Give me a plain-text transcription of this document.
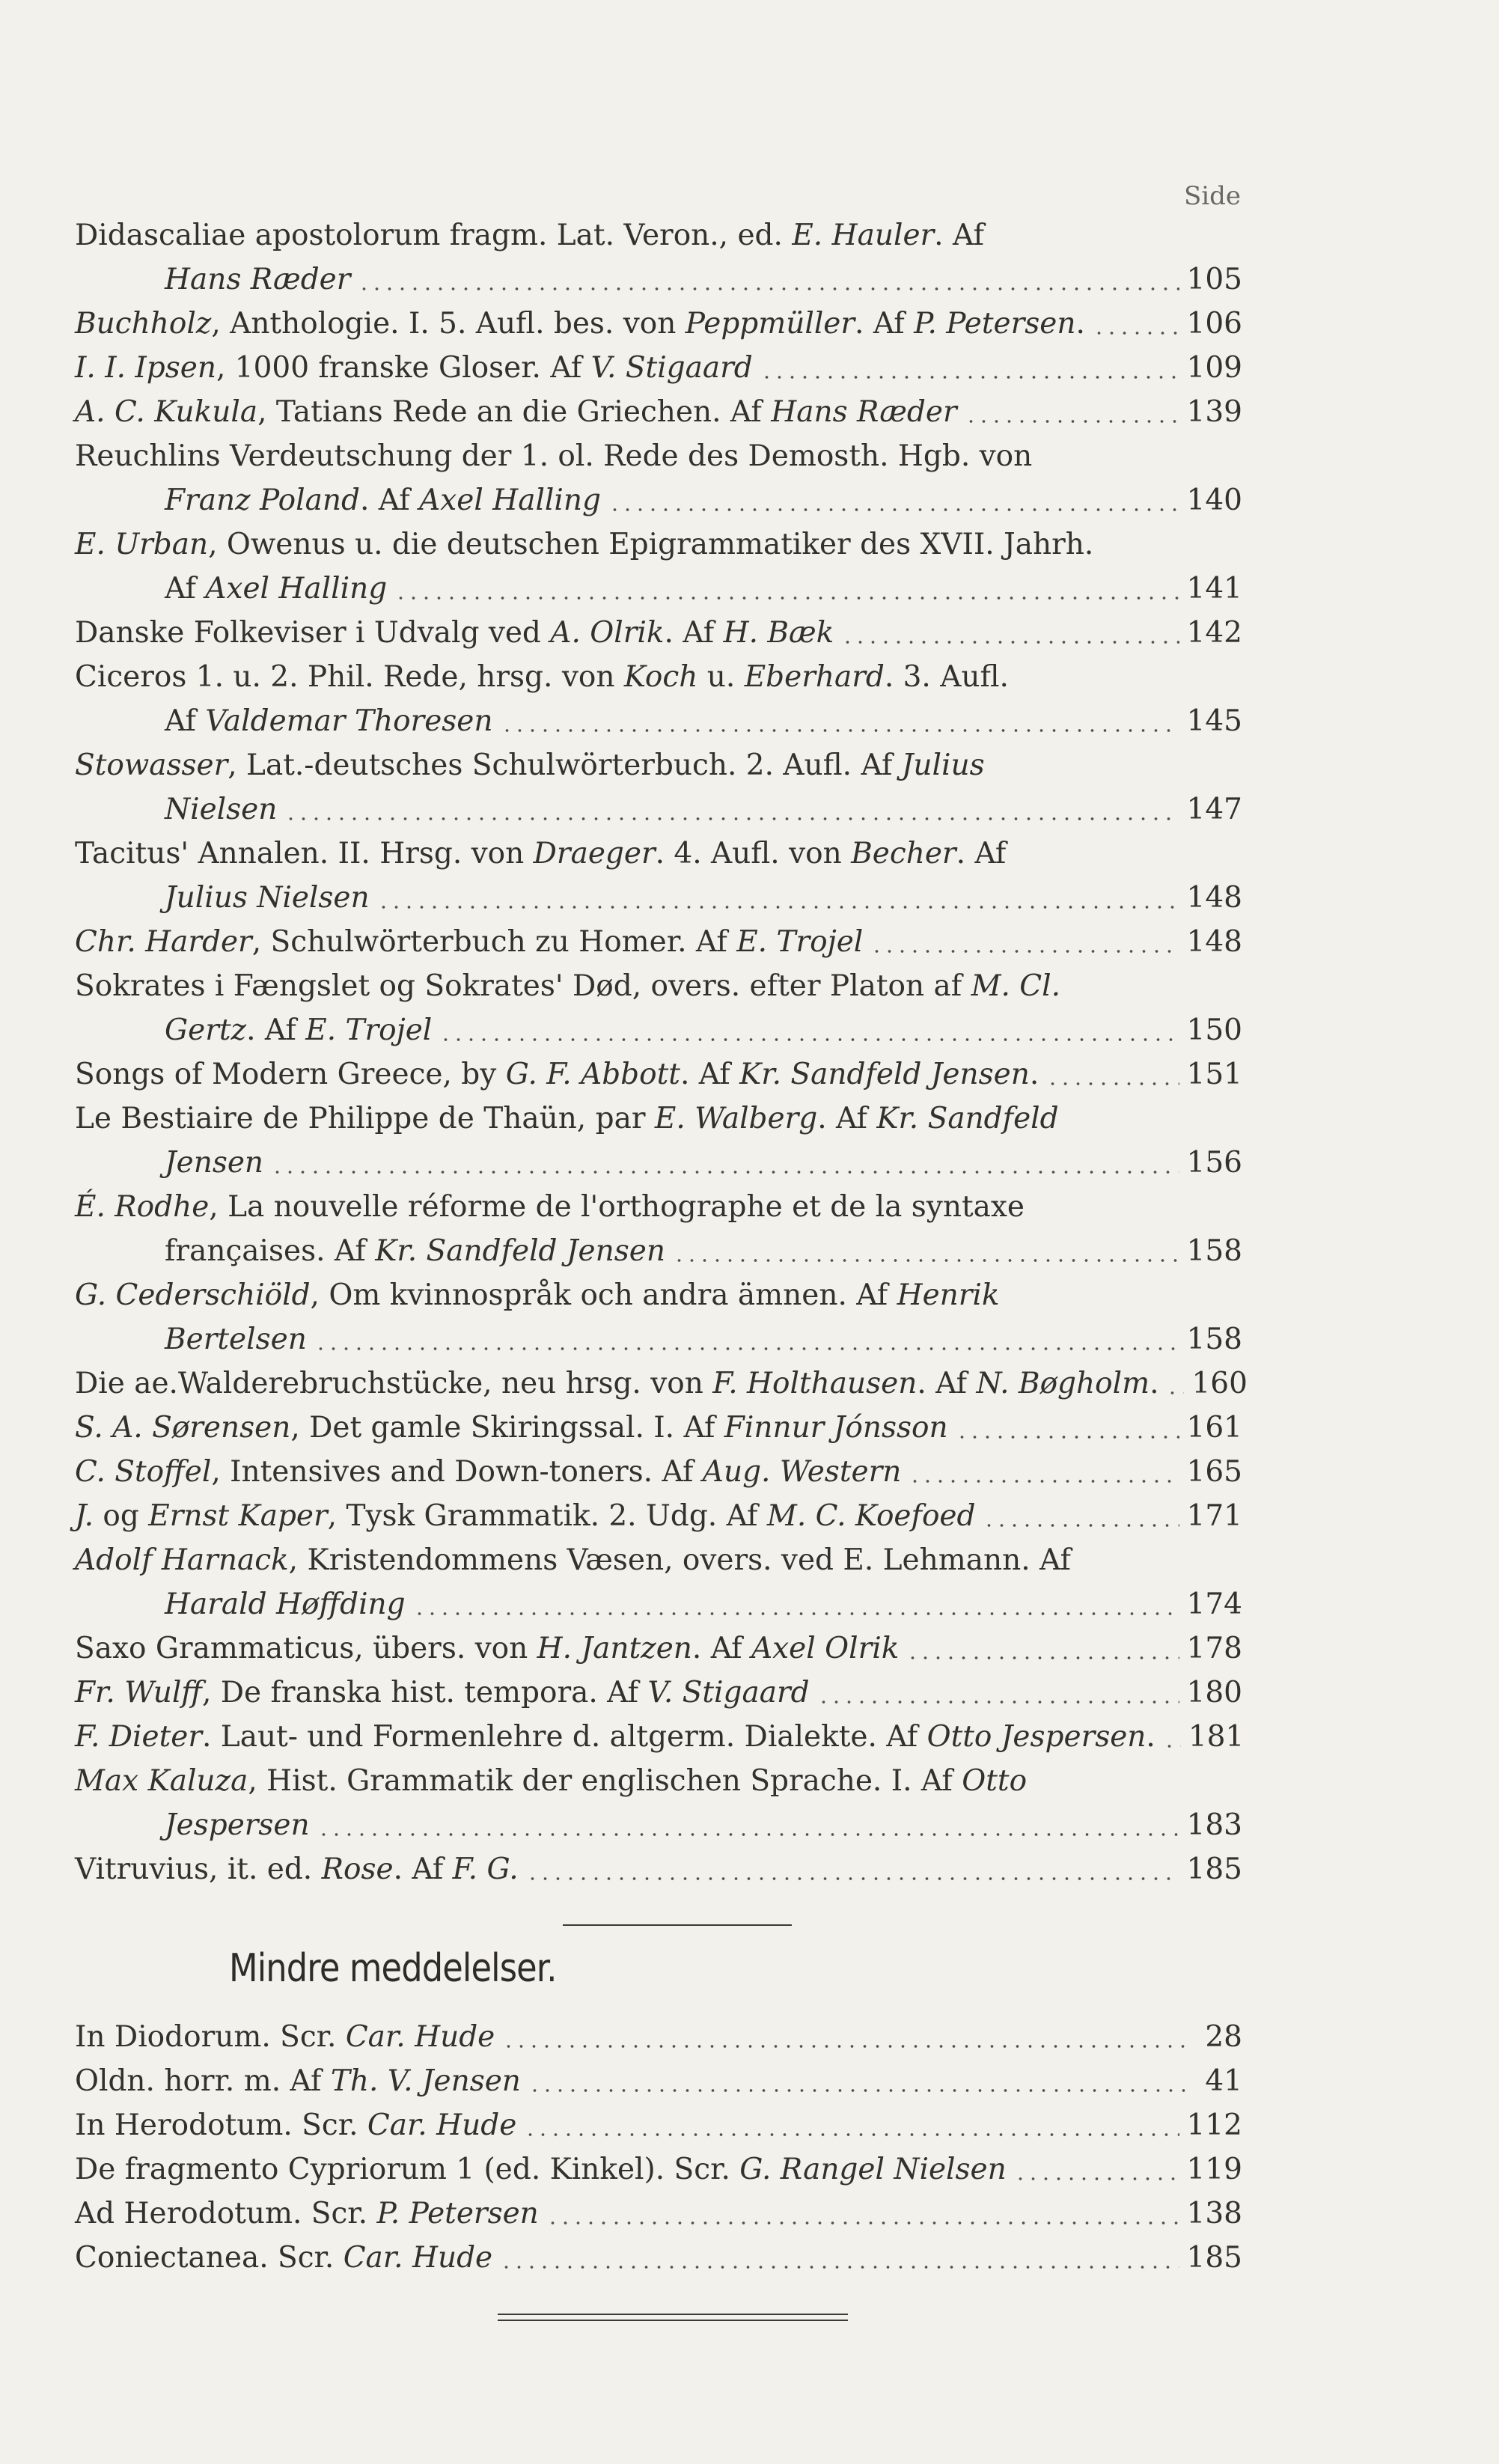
Side
Didascaliae apostolorum fragm. Lat. Veron., ed. E. Hauler. Af
Hans Ræder	105
Buchholz, Anthologie. I. 5. Aufl. bes. von Peppmüller. Af P. Petersen.	106
I. I. Ipsen, 1000 franske Gloser. Af V. Stigaard	109
A. C. Kukula, Tatians Rede an die Griechen. Af Hans Ræder	139
Reuchlins Verdeutschung der 1. ol. Rede des Demosth. Hgb. von
Franz Poland. Af Axel Halling	140
E. Urban, Owenus u. die deutschen Epigrammatiker des XVII. Jahrh.
Af Axel Halling	141
Danske Folkeviser i Udvalg ved A. Olrik. Af H. Bæk	142
Ciceros 1. u. 2. Phil. Rede, hrsg. von Koch u. Eberhard. 3. Aufl.
Af Valdemar Thoresen	145
Stowasser, Lat.-deutsches Schulwörterbuch. 2. Aufl. Af Julius
Nielsen	147
Tacitus' Annalen. II. Hrsg. von Draeger. 4. Aufl. von Becher. Af
Julius Nielsen	148
Chr. Harder, Schulwörterbuch zu Homer. Af E. Trojel	148
Sokrates i Fængslet og Sokrates' Død, overs. efter Platon af M. Cl.
Gertz. Af E. Trojel	150
Songs of Modern Greece, by G. F. Abbott. Af Kr. Sandfeld Jensen.	151
Le Bestiaire de Philippe de Thaün, par E. Walberg. Af Kr. Sandfeld
Jensen	156
É. Rodhe, La nouvelle réforme de l'orthographe et de la syntaxe
françaises. Af Kr. Sandfeld Jensen	158
G. Cederschiöld, Om kvinnospråk och andra ämnen. Af Henrik
Bertelsen	158
Die ae.Walderebruchstücke, neu hrsg. von F. Holthausen. Af N. Bøgholm. 160
S. A. Sørensen, Det gamle Skiringssal. I. Af Finnur Jónsson	161
C. Stoffel, Intensives and Down-toners. Af Aug. Western	165
J. og Ernst Kaper, Tysk Grammatik. 2. Udg. Af M. C. Koefoed	171
Adolf Harnack, Kristendommens Væsen, overs. ved E. Lehmann. Af
Harald Høffding	174
Saxo Grammaticus, übers. von H. Jantzen. Af Axel Olrik	178
Fr. Wulff, De franska hist. tempora. Af V. Stigaard	180
F. Dieter. Laut- und Formenlehre d. altgerm. Dialekte. Af Otto Jespersen. 181
Max Kaluza, Hist. Grammatik der englischen Sprache. I. Af Otto
Jespersen	183
Vitruvius, it. ed. Rose. Af F. G.	185
Mindre meddelelser.
In Diodorum. Scr. Car. Hude	28
Oldn. horr. m. Af Th. V. Jensen	41
In Herodotum. Scr. Car. Hude	112
De fragmento Cypriorum 1 (ed. Kinkel). Scr. G. Rangel Nielsen	119
Ad Herodotum. Scr. P. Petersen	138
Coniectanea. Scr. Car. Hude	185
